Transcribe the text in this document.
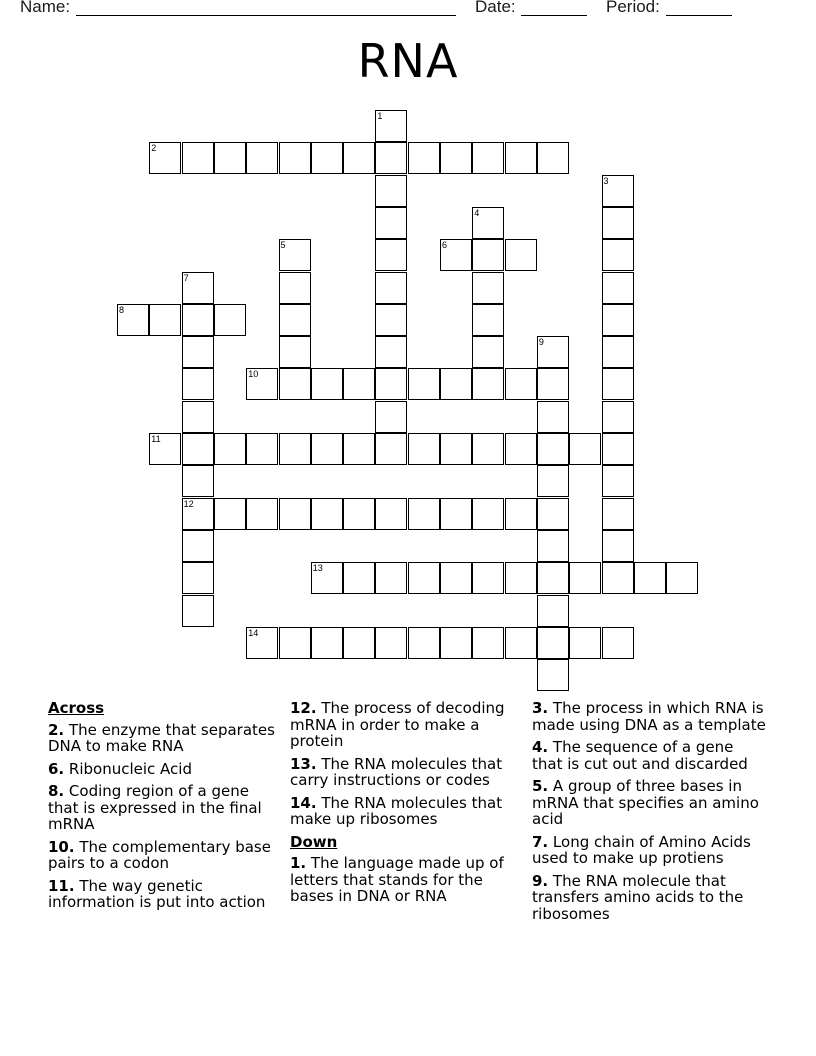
Name:	Date:	Period:
RNA
1
2
3
4
5	6
7
12
8
9
10
11
13
14
Across
2. The enzyme that separates DNA to make RNA
6. Ribonucleic Acid
8. Coding region of a gene that is expressed in the final mRNA
10. The complementary base pairs to a codon
11. The way genetic information is put into action
12. The process of decoding mRNA in order to make a protein
13. The RNA molecules that carry instructions or codes
14. The RNA molecules that make up ribosomes
Down
1. The language made up of letters that stands for the bases in DNA or RNA
3. The process in which RNA is made using DNA as a template
4. The sequence of a gene that is cut out and discarded
5. A group of three bases in mRNA that specifies an amino acid
7. Long chain of Amino Acids used to make up protiens
9. The RNA molecule that transfers amino acids to the ribosomes
